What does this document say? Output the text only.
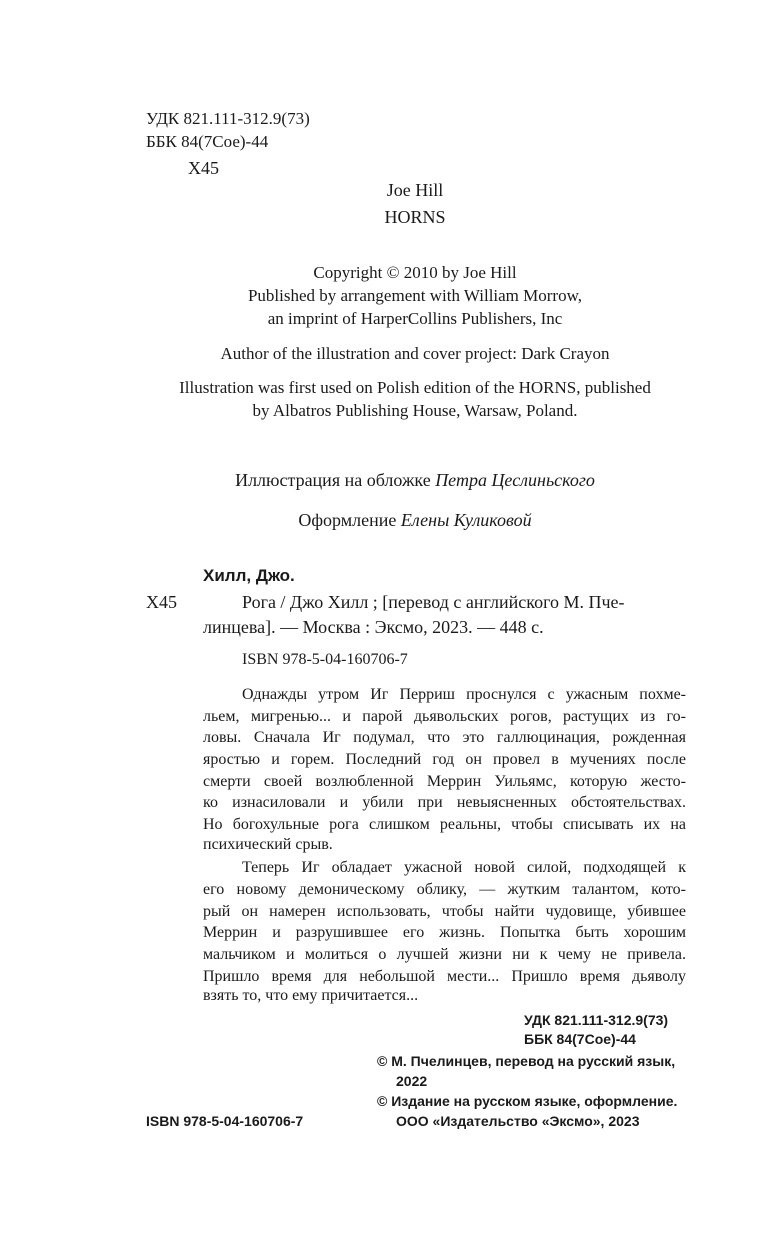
УДК 821.111-312.9(73)
ББК 84(7Сое)-44
Х45
Joe Hill
HORNS
Copyright © 2010 by Joe Hill
Published by arrangement with William Morrow,
an imprint of HarperCollins Publishers, Inc
Author of the illustration and cover project: Dark Crayon
Illustration was first used on Polish edition of the HORNS, published
by Albatros Publishing House, Warsaw, Poland.
Иллюстрация на обложке Петра Цеслиньского
Оформление Елены Куликовой
Хилл, Джо.
Х45	Рога / Джо Хилл ; [перевод с английского М. Пче-
линцева]. — Москва : Эксмо, 2023. — 448 с.
ISBN 978-5-04-160706-7
Однажды утром Иг Перриш проснулся с ужасным похме-
льем, мигренью... и парой дьявольских рогов, растущих из го-
ловы. Сначала Иг подумал, что это галлюцинация, рожденная
яростью и горем. Последний год он провел в мучениях после
смерти своей возлюбленной Меррин Уильямс, которую жесто-
ко изнасиловали и убили при невыясненных обстоятельствах.
Но богохульные рога слишком реальны, чтобы списывать их на
психический срыв.
Теперь Иг обладает ужасной новой силой, подходящей к
его новому демоническому облику, — жутким талантом, кото-
рый он намерен использовать, чтобы найти чудовище, убившее
Меррин и разрушившее его жизнь. Попытка быть хорошим
мальчиком и молиться о лучшей жизни ни к чему не привела.
Пришло время для небольшой мести... Пришло время дьяволу
взять то, что ему причитается...
УДК 821.111-312.9(73)
ББК 84(7Сое)-44
© М. Пчелинцев, перевод на русский язык,
2022
© Издание на русском языке, оформление.
ООО «Издательство «Эксмо», 2023
ISBN 978-5-04-160706-7
